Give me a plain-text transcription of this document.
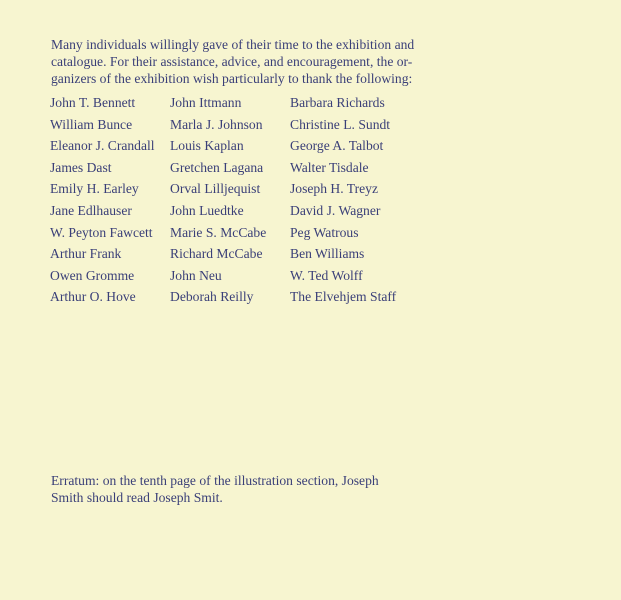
Many individuals willingly gave of their time to the exhibition and
catalogue. For their assistance, advice, and encouragement, the or-
ganizers of the exhibition wish particularly to thank the following:
John T. Bennett
William Bunce
Eleanor J. Crandall
James Dast
Emily H. Earley
Jane Edlhauser
W. Peyton Fawcett
Arthur Frank
Owen Gromme
Arthur O. Hove
John Ittmann
Marla J. Johnson
Louis Kaplan
Gretchen Lagana
Orval Lilljequist
John Luedtke
Marie S. McCabe
Richard McCabe
John Neu
Deborah Reilly
Barbara Richards
Christine L. Sundt
George A. Talbot
Walter Tisdale
Joseph H. Treyz
David J. Wagner
Peg Watrous
Ben Williams
W. Ted Wolff
The Elvehjem Staff
Erratum: on the tenth page of the illustration section, Joseph
Smith should read Joseph Smit.
